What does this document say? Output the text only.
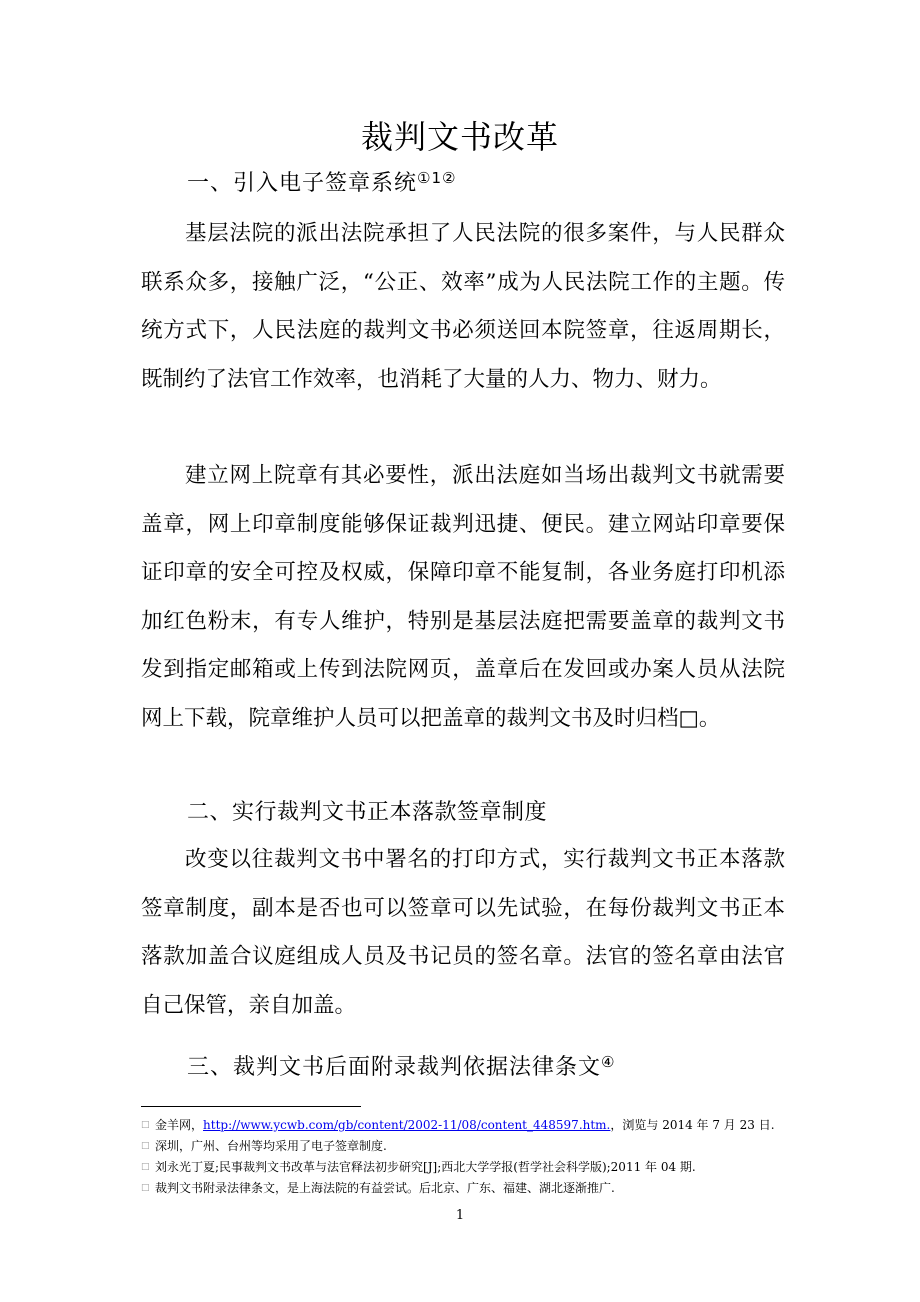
裁判文书改革
一、引入电子签章系统$^{①1②}$

基层法院的派出法院承担了人民法院的很多案件，与人民群众联系众多，接触广泛，“公正、效率”成为人民法院工作的主题。传统方式下，人民法庭的裁判文书必须送回本院签章，往返周期长，既制约了法官工作效率，也消耗了大量的人力、物力、财力。

建立网上院章有其必要性，派出法庭如当场出裁判文书就需要盖章，网上印章制度能够保证裁判迅捷、便民。建立网站印章要保证印章的安全可控及权威，保障印章不能复制，各业务庭打印机添加红色粉末，有专人维护，特别是基层法庭把需要盖章的裁判文书发到指定邮箱或上传到法院网页，盖章后在发回或办案人员从法院网上下载，院章维护人员可以把盖章的裁判文书及时归档□。

二、实行裁判文书正本落款签章制度

改变以往裁判文书中署名的打印方式，实行裁判文书正本落款签章制度，副本是否也可以签章可以先试验，在每份裁判文书正本落款加盖合议庭组成人员及书记员的签名章。法官的签名章由法官自己保管，亲自加盖。

三、裁判文书后面附录裁判依据法律条文④
□ 金羊网， http://www.ycwb.com/gb/content/2002-11/08/content_448597.htm. ，浏览与 2014 年 7 月 23 日.
□ 深圳，广州、台州等均采用了电子签章制度.
□ 刘永光丁夏;民事裁判文书改革与法官释法初步研究[J];西北大学学报(哲学社会科学版);2011 年 04 期.
□ 裁判文书附录法律条文，是上海法院的有益尝试。后北京、广东、福建、湖北逐渐推广.
1
